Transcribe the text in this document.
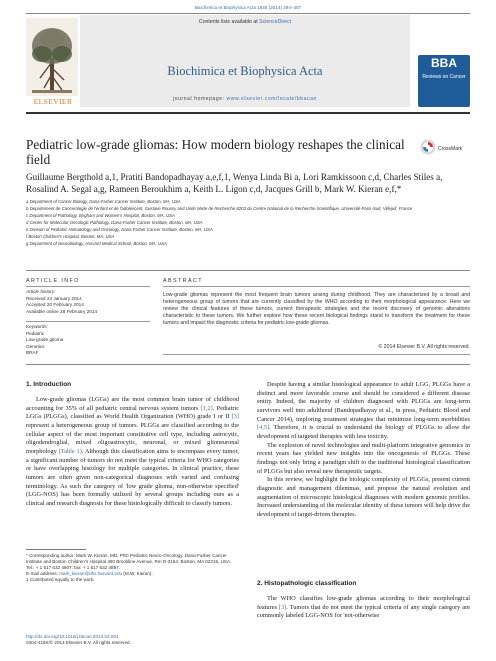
Biochimica et Biophysica Acta 1845 (2014) 294–307
ELSEVIER
Contents lists available at ScienceDirect
Biochimica et Biophysica Acta
journal homepage: www.elsevier.com/locate/bbacan
BBA
Reviews on Cancer
Pediatric low-grade gliomas: How modern biology reshapes the clinical field
CrossMark
Guillaume Bergthold a,1, Pratiti Bandopadhayay a,e,f,1, Wenya Linda Bi a, Lori Ramkissoon c,d, Charles Stiles a, Rosalind A. Segal a,g, Rameen Beroukhim a, Keith L. Ligon c,d, Jacques Grill b, Mark W. Kieran e,f,*

a Department of Cancer Biology, Dana-Farber Cancer Institute, Boston, MA, USA

b Departement de Cancerologie de l'enfant et de l'adolescent, Gustave Roussy and Unité Mixte de Recherche 8203 du Centre National de la Recherche Scientifique, Université Paris-Sud, Villejuif, France

c Department of Pathology, Brigham and Women's Hospital, Boston, MA, USA

d Center for Molecular Oncologic Pathology, Dana-Farber Cancer Institute, Boston, MA, USA

e Division of Pediatric Hematology and Oncology, Dana-Farber Cancer Institute, Boston, MA, USA

f Boston Children's Hospital, Boston, MA, USA

g Department of Neurobiology, Harvard Medical School, Boston, MA, USA

ARTICLE INFO
Article history:
Received 24 January 2014
Accepted 20 February 2014
Available online 28 February 2014
Keywords:
Pediatric
Low-grade glioma
Genetics
BRAF
ABSTRACT
Low-grade gliomas represent the most frequent brain tumors arising during childhood. They are characterized by a broad and heterogeneous group of tumors that are currently classified by the WHO according to their morphological appearance. Here we review the clinical features of these tumors, current therapeutic strategies and the recent discovery of genomic alterations characteristic to these tumors. We further explore how these recent biological findings stand to transform the treatment for these tumors and impact the diagnostic criteria for pediatric low-grade gliomas.
© 2014 Elsevier B.V. All rights reserved.
1. Introduction

Low-grade gliomas (LGGs) are the most common brain tumor of childhood accounting for 35% of all pediatric central nervous system tumors [1,2]. Pediatric LGGs (PLGGs), classified as World Health Organization (WHO) grade I or II [3] represent a heterogeneous group of tumors. PLGGs are classified according to the cellular aspect of the most important constitutive cell type, including astrocytic, oligodendroglial, mixed oligoastrocytic, neuronal, or mixed glioneuronal morphology (Table 1). Although this classification aims to encompass every tumor, a significant number of tumors do not meet the typical criteria for WHO categories or have overlapping histology for multiple categories. In clinical practice, these tumors are often given non-categorical diagnoses with varied and confusing terminology. As such the category of 'low grade glioma, non-otherwise specified' (LGG-NOS) has been formally utilized by several groups including ours as a clinical and research diagnosis for these histologically difficult to classify tumors.

Despite having a similar histological appearance to adult LGG, PLGGs have a distinct and more favorable course and should be considered a different disease entity. Indeed, the majority of children diagnosed with PLGGs are long-term survivors well into adulthood (Bandopadhayay et al., in press, Pediatric Blood and Cancer 2014), imploring treatment strategies that minimize long-term morbidities [4,5]. Therefore, it is crucial to understand the biology of PLGGs to allow the development of targeted therapies with less toxicity.

The explosion of novel technologies and multi-platform integrative genomics in recent years has yielded new insights into the oncogenesis of PLGGs. These findings not only bring a paradigm shift to the traditional histological classification of PLGGs but also reveal new therapeutic targets.

In this review, we highlight the biologic complexity of PLGGs, present current diagnostic and management dilemmas, and propose the natural evolution and augmentation of microscopic histological diagnoses with modern genomic profiles. Increased understanding of the molecular identity of these tumors will help drive the development of target-driven therapies.

2. Histopathologic classification

The WHO classifies low-grade gliomas according to their morphological features [3]. Tumors that do not meet the typical criteria of any single category are commonly labeled LGG-NOS for 'not-otherwise

* Corresponding author: Mark W. Kieran, MD, PhD Pediatric Neuro-Oncology, Dana-Farber Cancer Institute and Boston Children's Hospital 450 Brookline Avenue, Rm D-3154, Boston, MA 02215, USA. Tel.: + 1 617 632 4907; fax: + 1 617 632 4897.

E-mail address: mark_kieran@dfci.harvard.edu (M.W. Kieran).

1 Contributed equally to the work.

http://dx.doi.org/10.1016/j.bbcan.2014.02.004
0304-419X/© 2014 Elsevier B.V. All rights reserved.
